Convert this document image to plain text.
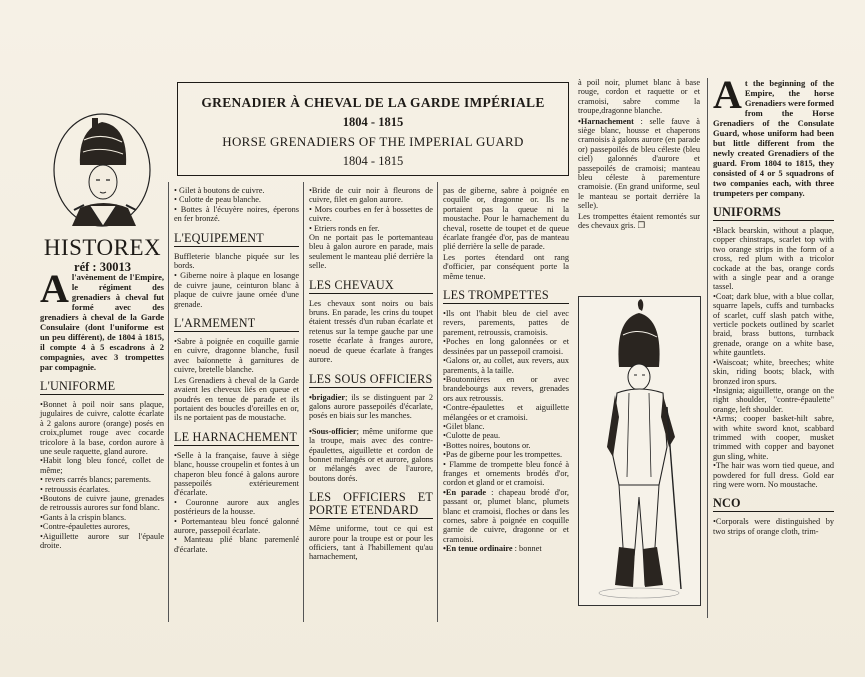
HISTOREX
réf : 30013
GRENADIER À CHEVAL DE LA GARDE IMPÉRIALE
1804 - 1815
HORSE GRENADIERS OF THE IMPERIAL GUARD
1804 - 1815
A l'avènement de l'Empire, le régiment des grenadiers à cheval fut formé avec des grenadiers à cheval de la Garde Consulaire (dont l'uniforme est un peu différent), de 1804 à 1815, il compte 4 à 5 escadrons à 2 compagnies, avec 3 trompettes par compagnie.
L'UNIFORME

•Bonnet à poil noir sans plaque, jugulaires de cuivre, calotte écarlate à 2 galons aurore (orange) posés en croix,plumet rouge avec cocarde tricolore à la base, cordon aurore à une seule raquette, gland aurore.

•Habit long bleu foncé, collet de même;

• revers carrés blancs; parements.

• retroussis écarlates.

•Boutons de cuivre jaune, grenades de retroussis aurores sur fond blanc.

•Gants à la crispin blancs.

•Contre-épaulettes aurores,

•Aiguillette aurore sur l'épaule droite.

• Gilet à boutons de cuivre.

• Culotte de peau blanche.

• Bottes à l'écuyère noires, éperons en fer bronzé.

L'EQUIPEMENT

Buffleterie blanche piquée sur les bords.

• Giberne noire à plaque en losange de cuivre jaune, ceinturon blanc à plaque de cuivre jaune ornée d'une grenade.

L'ARMEMENT

•Sabre à poignée en coquille garnie en cuivre, dragonne blanche, fusil avec baïonnette à garnitures de cuivre, bretelle blanche.

Les Grenadiers à cheval de la Garde avaient les cheveux liés en queue et poudrés en tenue de parade et ils portaient des boucles d'oreilles en or, ils ne portaient pas de moustache.

LE HARNACHEMENT

•Selle à la française, fauve à siège blanc, housse croupelin et fontes à un chaperon bleu foncé à galons aurore passepoilés extérieurement d'écarlate.

• Couronne aurore aux angles postérieurs de la housse.

• Portemanteau bleu foncé galonné aurore, passepoil écarlate.

• Manteau plié blanc paremenlé d'écarlate.

•Bride de cuir noir à fleurons de cuivre, filet en galon aurore.

• Mors courbes en fer à bossettes de cuivre.

• Etriers ronds en fer.

On ne portait pas le portemanteau bleu à galon aurore en parade, mais seulement le manteau plié derrière la selle.

LES CHEVAUX

Les chevaux sont noirs ou bais bruns. En parade, les crins du toupet étaient tressés d'un ruban écarlate et retenus sur la tempe gauche par une rosette écarlate à franges aurore, noeud de queue écarlate à franges aurore.

LES SOUS OFFICIERS

•brigadier; ils se distinguent par 2 galons aurore passepoilés d'écarlate, posés en biais sur les manches.

•Sous-officier; même uniforme que la troupe, mais avec des contre-épaulettes, aiguillette et cordon de bonnet mélangés or et aurore, galons or mélangés avec de l'aurore, boutons dorés.

LES OFFICIERS ET PORTE ETENDARD

Même uniforme, tout ce qui est aurore pour la troupe est or pour les officiers, tant à l'habillement qu'au harnachement,

pas de giberne, sabre à poignée en coquille or, dragonne or. Ils ne portaient pas la queue ni la moustache. Pour le harnachement du cheval, rosette de toupet et de queue écarlate frangée d'or, pas de manteau plié derrière la selle de parade.

Les portes étendard ont rang d'officier, par conséquent porte la même tenue.

LES TROMPETTES

•Ils ont l'habit bleu de ciel avec revers, parements, pattes de parement, retroussis, cramoisis.

•Poches en long galonnées or et dessinées par un passepoil cramoisi.

•Galons or, au collet, aux revers, aux parements, à la taille.

•Boutonnières en or avec brandebourgs aux revers, grenades ors aux retroussis.

•Contre-épaulettes et aiguillette mélangées or et cramoisi.

•Gilet blanc.

•Culotte de peau.

•Bottes noires, boutons or.

•Pas de giberne pour les trompettes.

• Flamme de trompette bleu foncé à franges et ornements brodés d'or, cordon et gland or et cramoisi.

•En parade : chapeau brodé d'or, passant or, plumet blanc, plumets blanc et cramoisi, floches or dans les cornes, sabre à poignée en coquille garnie de cuivre, dragonne or et cramoisi.

•En tenue ordinaire : bonnet

à poil noir, plumet blanc à base rouge, cordon et raquette or et cramoisi, sabre comme la troupe,dragonne blanche.

•Harnachement : selle fauve à siège blanc, housse et chaperons cramoisis à galons aurore (en parade or) passepoilés de bleu céleste (bleu ciel) galonnés d'aurore et passepoilés de cramoisi; manteau bleu céleste à parementure cramoisie. (En grand uniforme, seul le manteau se portait derrière la selle).

Les trompettes étaient remontés sur des chevaux gris. ❒

A t the beginning of the Empire, the horse Grenadiers were formed from the Horse Grenadiers of the Consulate Guard, whose uniform had been but little different from the newly created Grenadiers of the guard. From 1804 to 1815, they consisted of 4 or 5 squadrons of two companies each, with three trumpeters per company.
UNIFORMS

•Black bearskin, without a plaque, copper chinstraps, scarlet top with two orange strips in the form of a cross, red plum with a tricolor cockade at the bas, orange cords with a single pear and a orange tassel.

•Coat; dark blue, with a blue collar, squarre lapels, cuffs and turnbacks of scarlet, cuff slash patch withe, verticle pockets outlined by scarlet braid, brass buttons, turnback grenade, orange on a white base, white gauntlets.

•Waiscoat; white, breeches; white skin, riding boots; black, with bronzed iron spurs.

•Insignia; aiguillette, orange on the right shoulder, "contre-épaulette" orange, left shoulder.

•Arms; cooper basket-hilt sabre, with white sword knot, scabbard trimmed with cooper, musket trimmed with copper and bayonet gun sling, white.

•The hair was worn tied queue, and powdered for full dress. Gold ear ring were worn. No moustache.

NCO

•Corporals were distinguished by two strips of orange cloth, trim-
